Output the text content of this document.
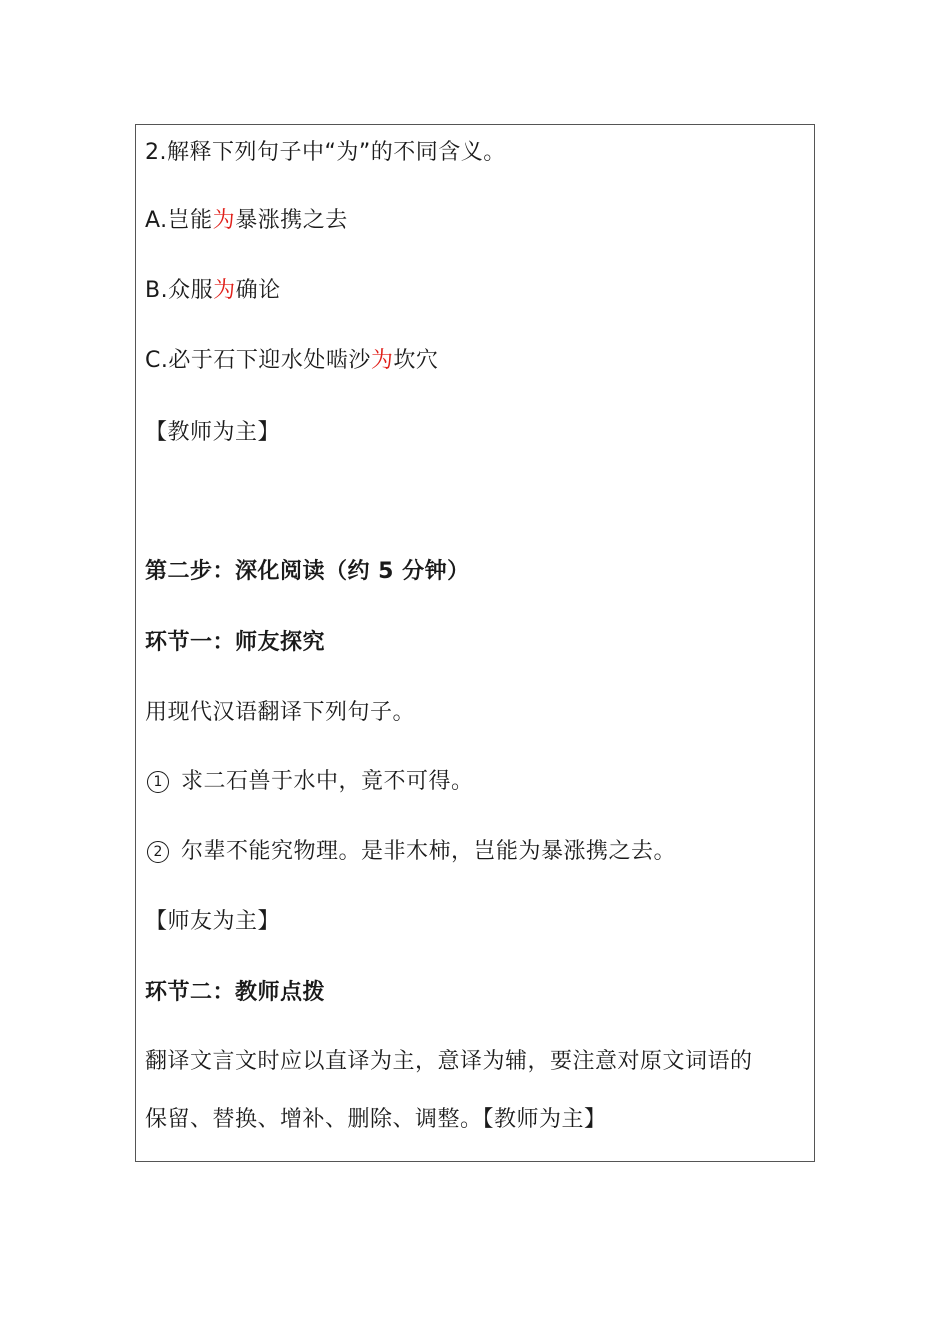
2.解释下列句子中“为”的不同含义。
A.岂能为暴涨携之去
B.众服为确论
C.必于石下迎水处啮沙为坎穴
【教师为主】
第二步：深化阅读（约 5 分钟）
环节一：师友探究
用现代汉语翻译下列句子。
1 求二石兽于水中，竟不可得。
2 尔辈不能究物理。是非木柿，岂能为暴涨携之去。
【师友为主】
环节二：教师点拨
翻译文言文时应以直译为主，意译为辅，要注意对原文词语的
保留、替换、增补、删除、调整。【教师为主】
